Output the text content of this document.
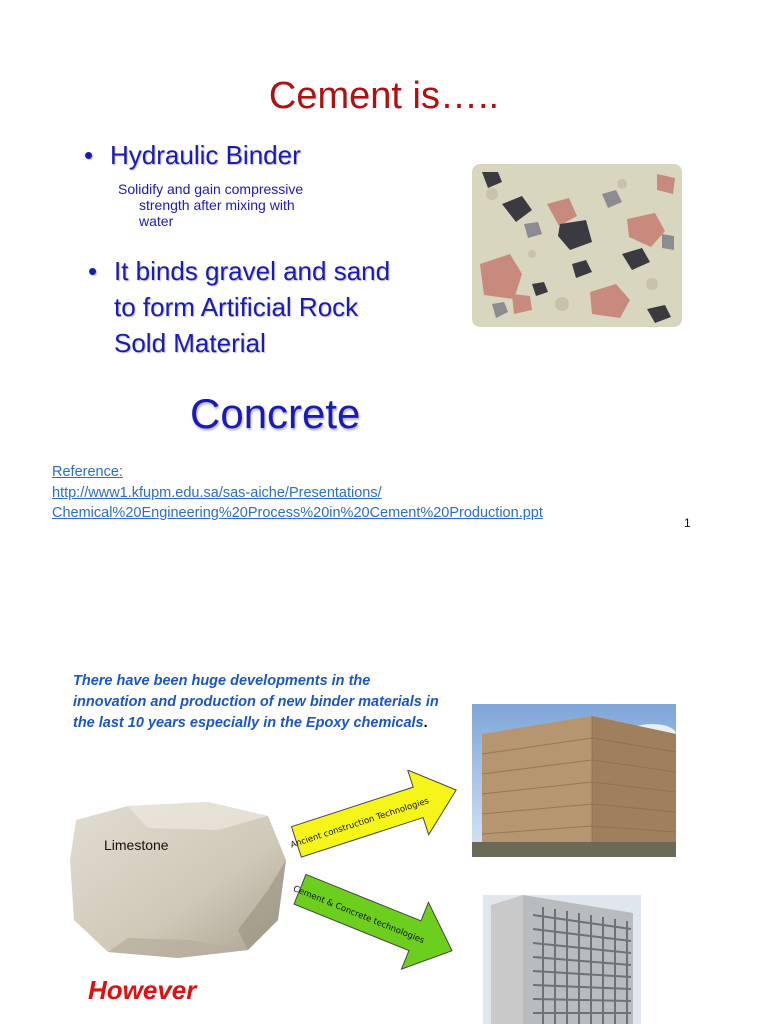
Cement is…..
• Hydraulic Binder
Solidify and gain compressive
strength after mixing with
water
• It binds gravel and sand
to form Artificial Rock
Sold Material
Concrete
Reference:
http://www1.kfupm.edu.sa/sas-aiche/Presentations/
Chemical%20Engineering%20Process%20in%20Cement%20Production.ppt
1
There have been huge developments in the innovation and production of new binder materials in the last 10 years especially in the Epoxy chemicals.
Limestone	Ancient construction Technologies
Cement & Concrete technologies
However
